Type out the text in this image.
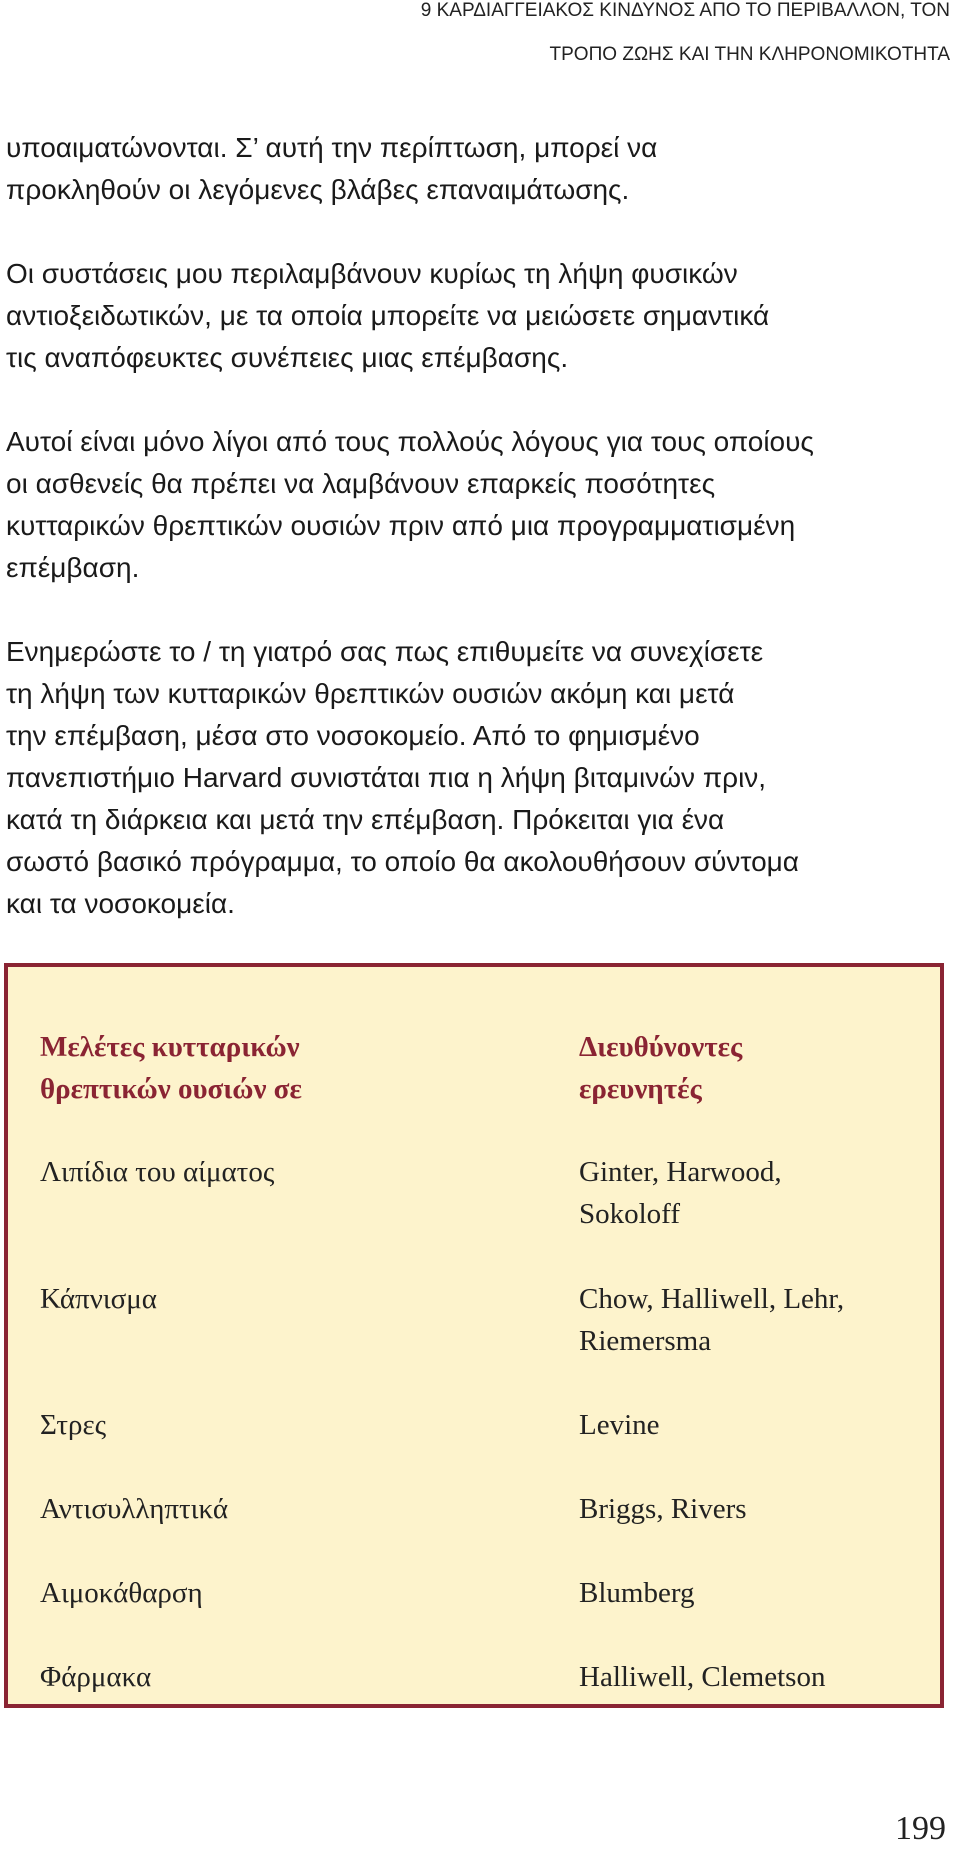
9 ΚΑΡΔΙΑΓΓΕΙΑΚΟΣ ΚΙΝΔΥΝΟΣ ΑΠΟ ΤΟ ΠΕΡΙΒΑΛΛΟΝ, ΤΟΝ
ΤΡΟΠΟ ΖΩΗΣ ΚΑΙ ΤΗΝ ΚΛΗΡΟΝΟΜΙΚΟΤΗΤΑ

υποαιματώνονται. Σ’ αυτή την περίπτωση, μπορεί να
προκληθούν οι λεγόμενες βλάβες επαναιμάτωσης.

Οι συστάσεις μου περιλαμβάνουν κυρίως τη λήψη φυσικών
αντιοξειδωτικών, με τα οποία μπορείτε να μειώσετε σημαντικά
τις αναπόφευκτες συνέπειες μιας επέμβασης.

Αυτοί είναι μόνο λίγοι από τους πολλούς λόγους για τους οποίους
οι ασθενείς θα πρέπει να λαμβάνουν επαρκείς ποσότητες
κυτταρικών θρεπτικών ουσιών πριν από μια προγραμματισμένη
επέμβαση.

Ενημερώστε το / τη γιατρό σας πως επιθυμείτε να συνεχίσετε
τη λήψη των κυτταρικών θρεπτικών ουσιών ακόμη και μετά
την επέμβαση, μέσα στο νοσοκομείο. Από το φημισμένο
πανεπιστήμιο Harvard συνιστάται πια η λήψη βιταμινών πριν,
κατά τη διάρκεια και μετά την επέμβαση. Πρόκειται για ένα
σωστό βασικό πρόγραμμα, το οποίο θα ακολουθήσουν σύντομα
και τα νοσοκομεία.

Μελέτες κυτταρικών
θρεπτικών ουσιών σε
Λιπίδια του αίματος
Κάπνισμα
Στρες
Αντισυλληπτικά
Αιμοκάθαρση
Φάρμακα
Διευθύνοντες
ερευνητές
Ginter, Harwood,
Sokoloff
Chow, Halliwell, Lehr,
Riemersma
Levine
Briggs, Rivers
Blumberg
Halliwell, Clemetson
199
